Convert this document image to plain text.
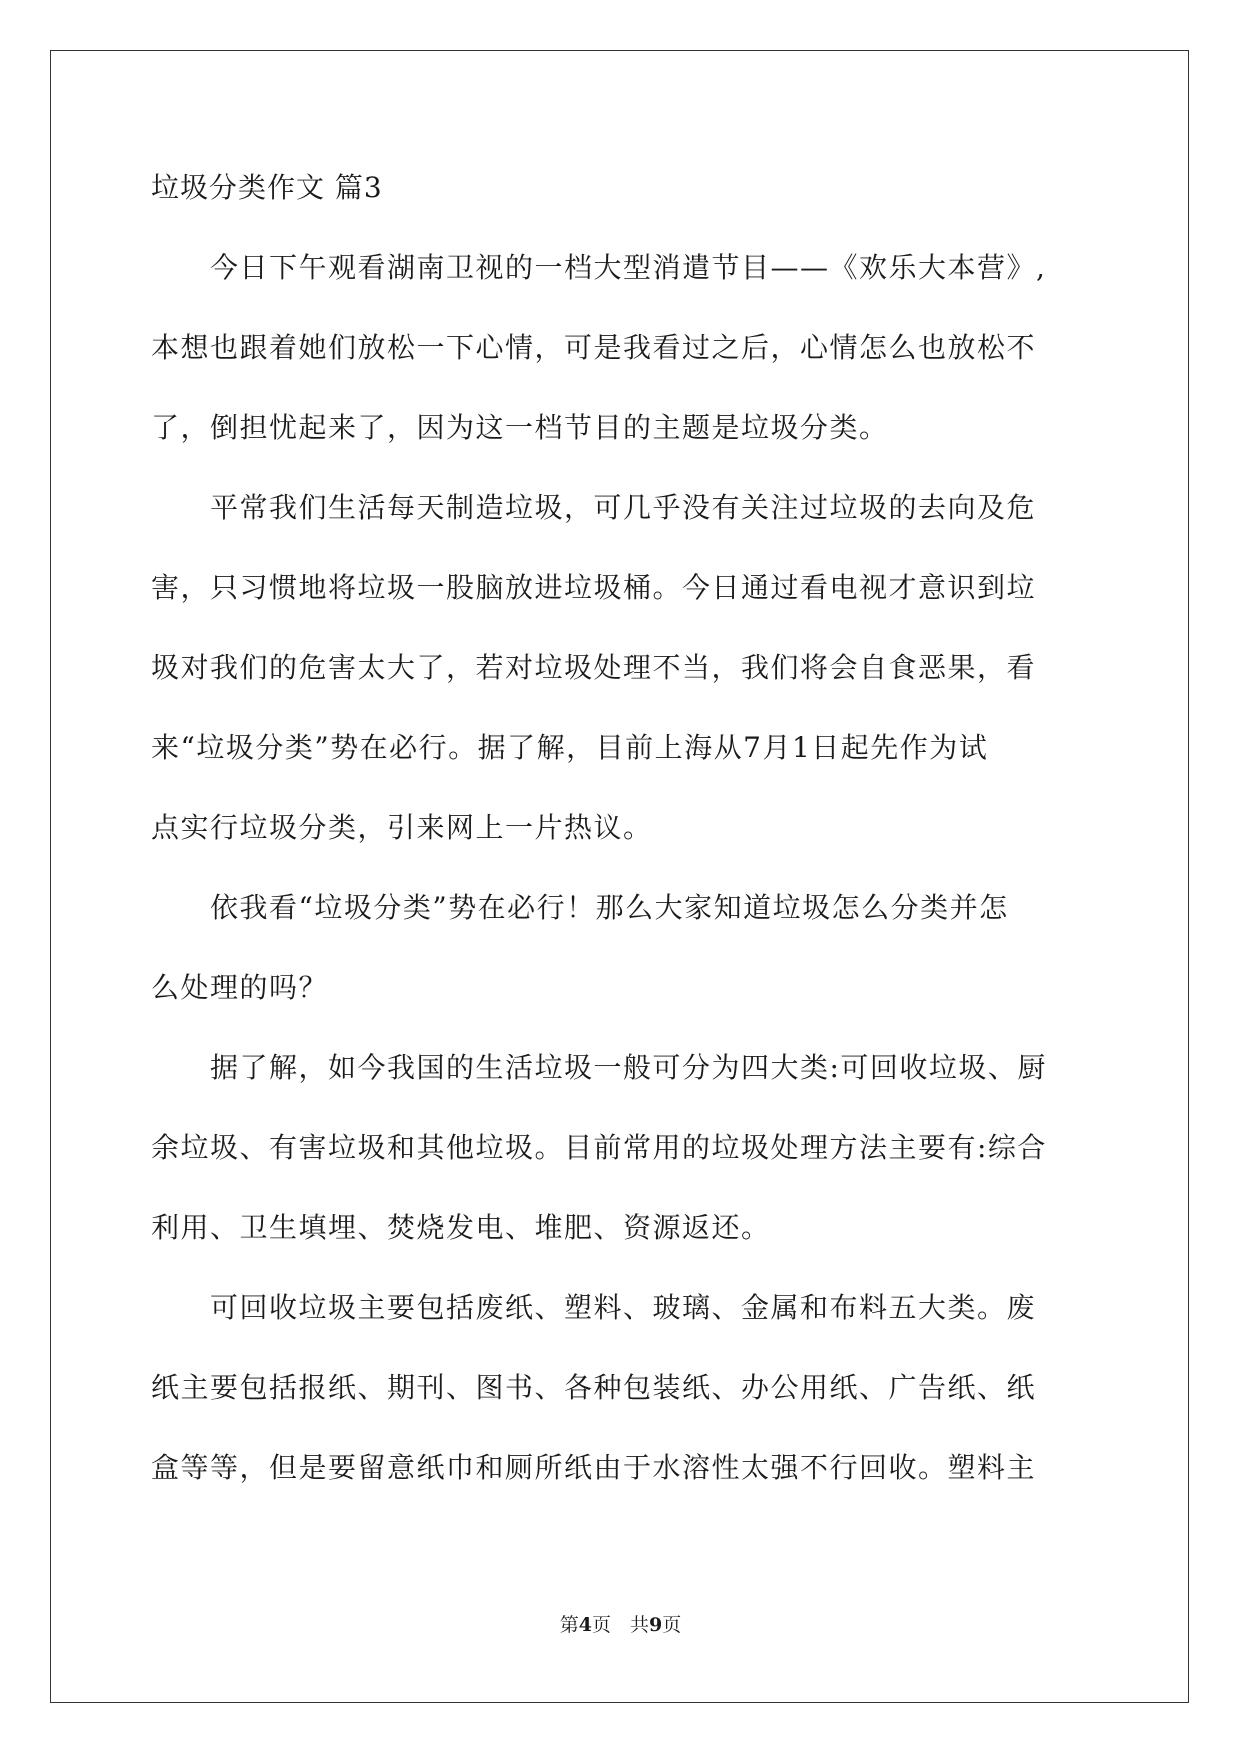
垃圾分类作文 篇3
　　今日下午观看湖南卫视的一档大型消遣节目——《欢乐大本营》,
本想也跟着她们放松一下心情，可是我看过之后，心情怎么也放松不
了，倒担忧起来了，因为这一档节目的主题是垃圾分类。
　　平常我们生活每天制造垃圾，可几乎没有关注过垃圾的去向及危
害，只习惯地将垃圾一股脑放进垃圾桶。今日通过看电视才意识到垃
圾对我们的危害太大了，若对垃圾处理不当，我们将会自食恶果，看
来“垃圾分类”势在必行。据了解，目前上海从7月1日起先作为试
点实行垃圾分类，引来网上一片热议。
　　依我看“垃圾分类”势在必行！那么大家知道垃圾怎么分类并怎
么处理的吗？
　　据了解，如今我国的生活垃圾一般可分为四大类:可回收垃圾、厨
余垃圾、有害垃圾和其他垃圾。目前常用的垃圾处理方法主要有:综合
利用、卫生填埋、焚烧发电、堆肥、资源返还。
　　可回收垃圾主要包括废纸、塑料、玻璃、金属和布料五大类。废
纸主要包括报纸、期刊、图书、各种包装纸、办公用纸、广告纸、纸
盒等等，但是要留意纸巾和厕所纸由于水溶性太强不行回收。塑料主
第4页　共9页
